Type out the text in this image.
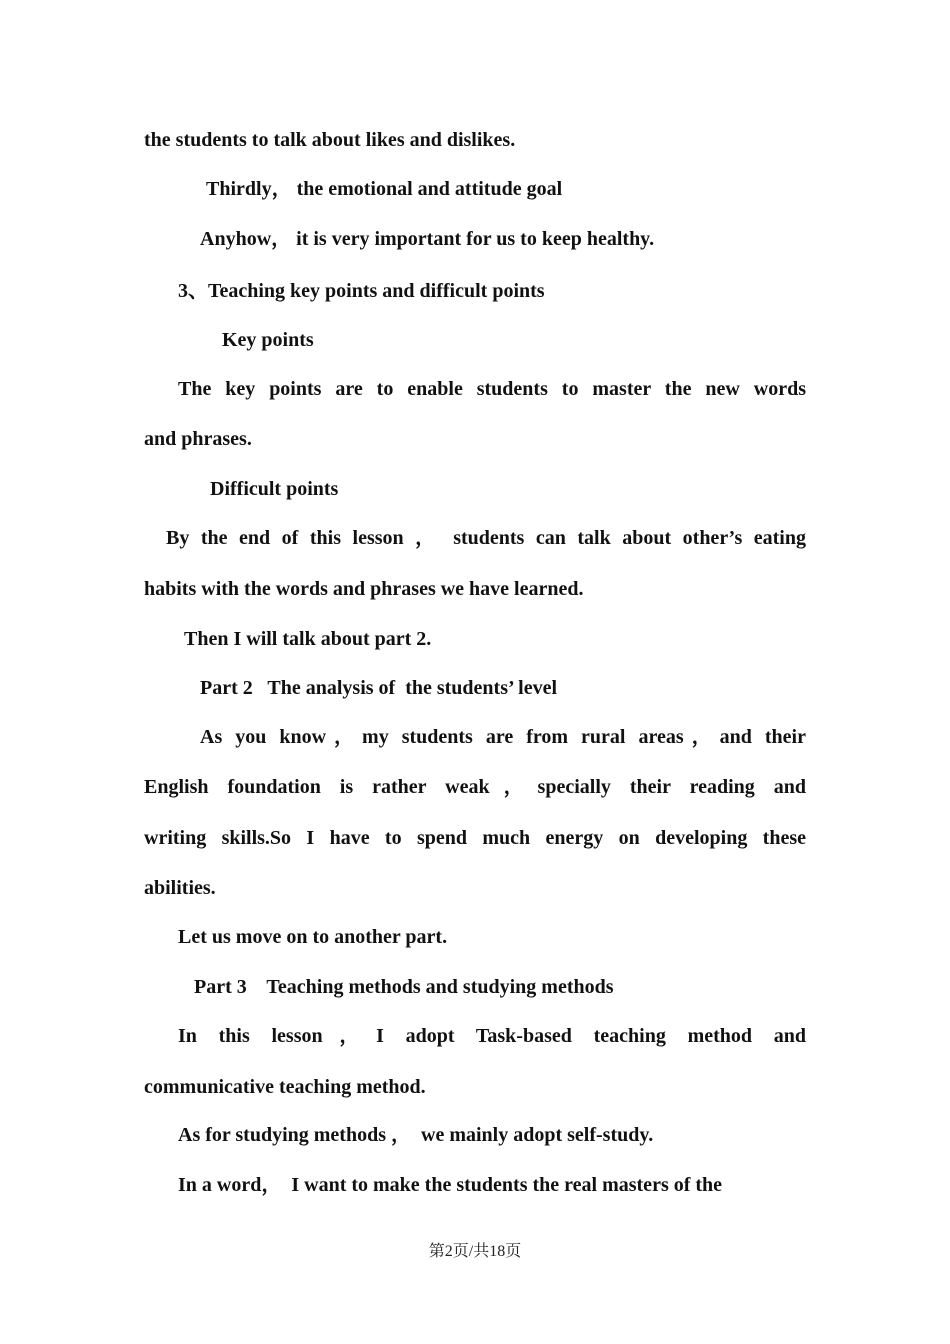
the students to talk about likes and dislikes.
Thirdly， the emotional and attitude goal
Anyhow， it is very important for us to keep healthy.
3、Teaching key points and difficult points
Key points
The key points are to enable students to master the new words
and phrases.
Difficult points
By the end of this lesson ， students can talk about other’s eating
habits with the words and phrases we have learned.
Then I will talk about part 2.
Part 2   The analysis of  the students’ level
As you know，my students are from rural areas，and their
English foundation is rather weak，specially their reading and
writing skills.So I have to spend much energy on developing these
abilities.
Let us move on to another part.
Part 3    Teaching methods and studying methods
In this lesson，I adopt Task-based teaching method and
communicative teaching method.
As for studying methods ，  we mainly adopt self-study.
In a word，  I want to make the students the real masters of the
第2页/共18页
